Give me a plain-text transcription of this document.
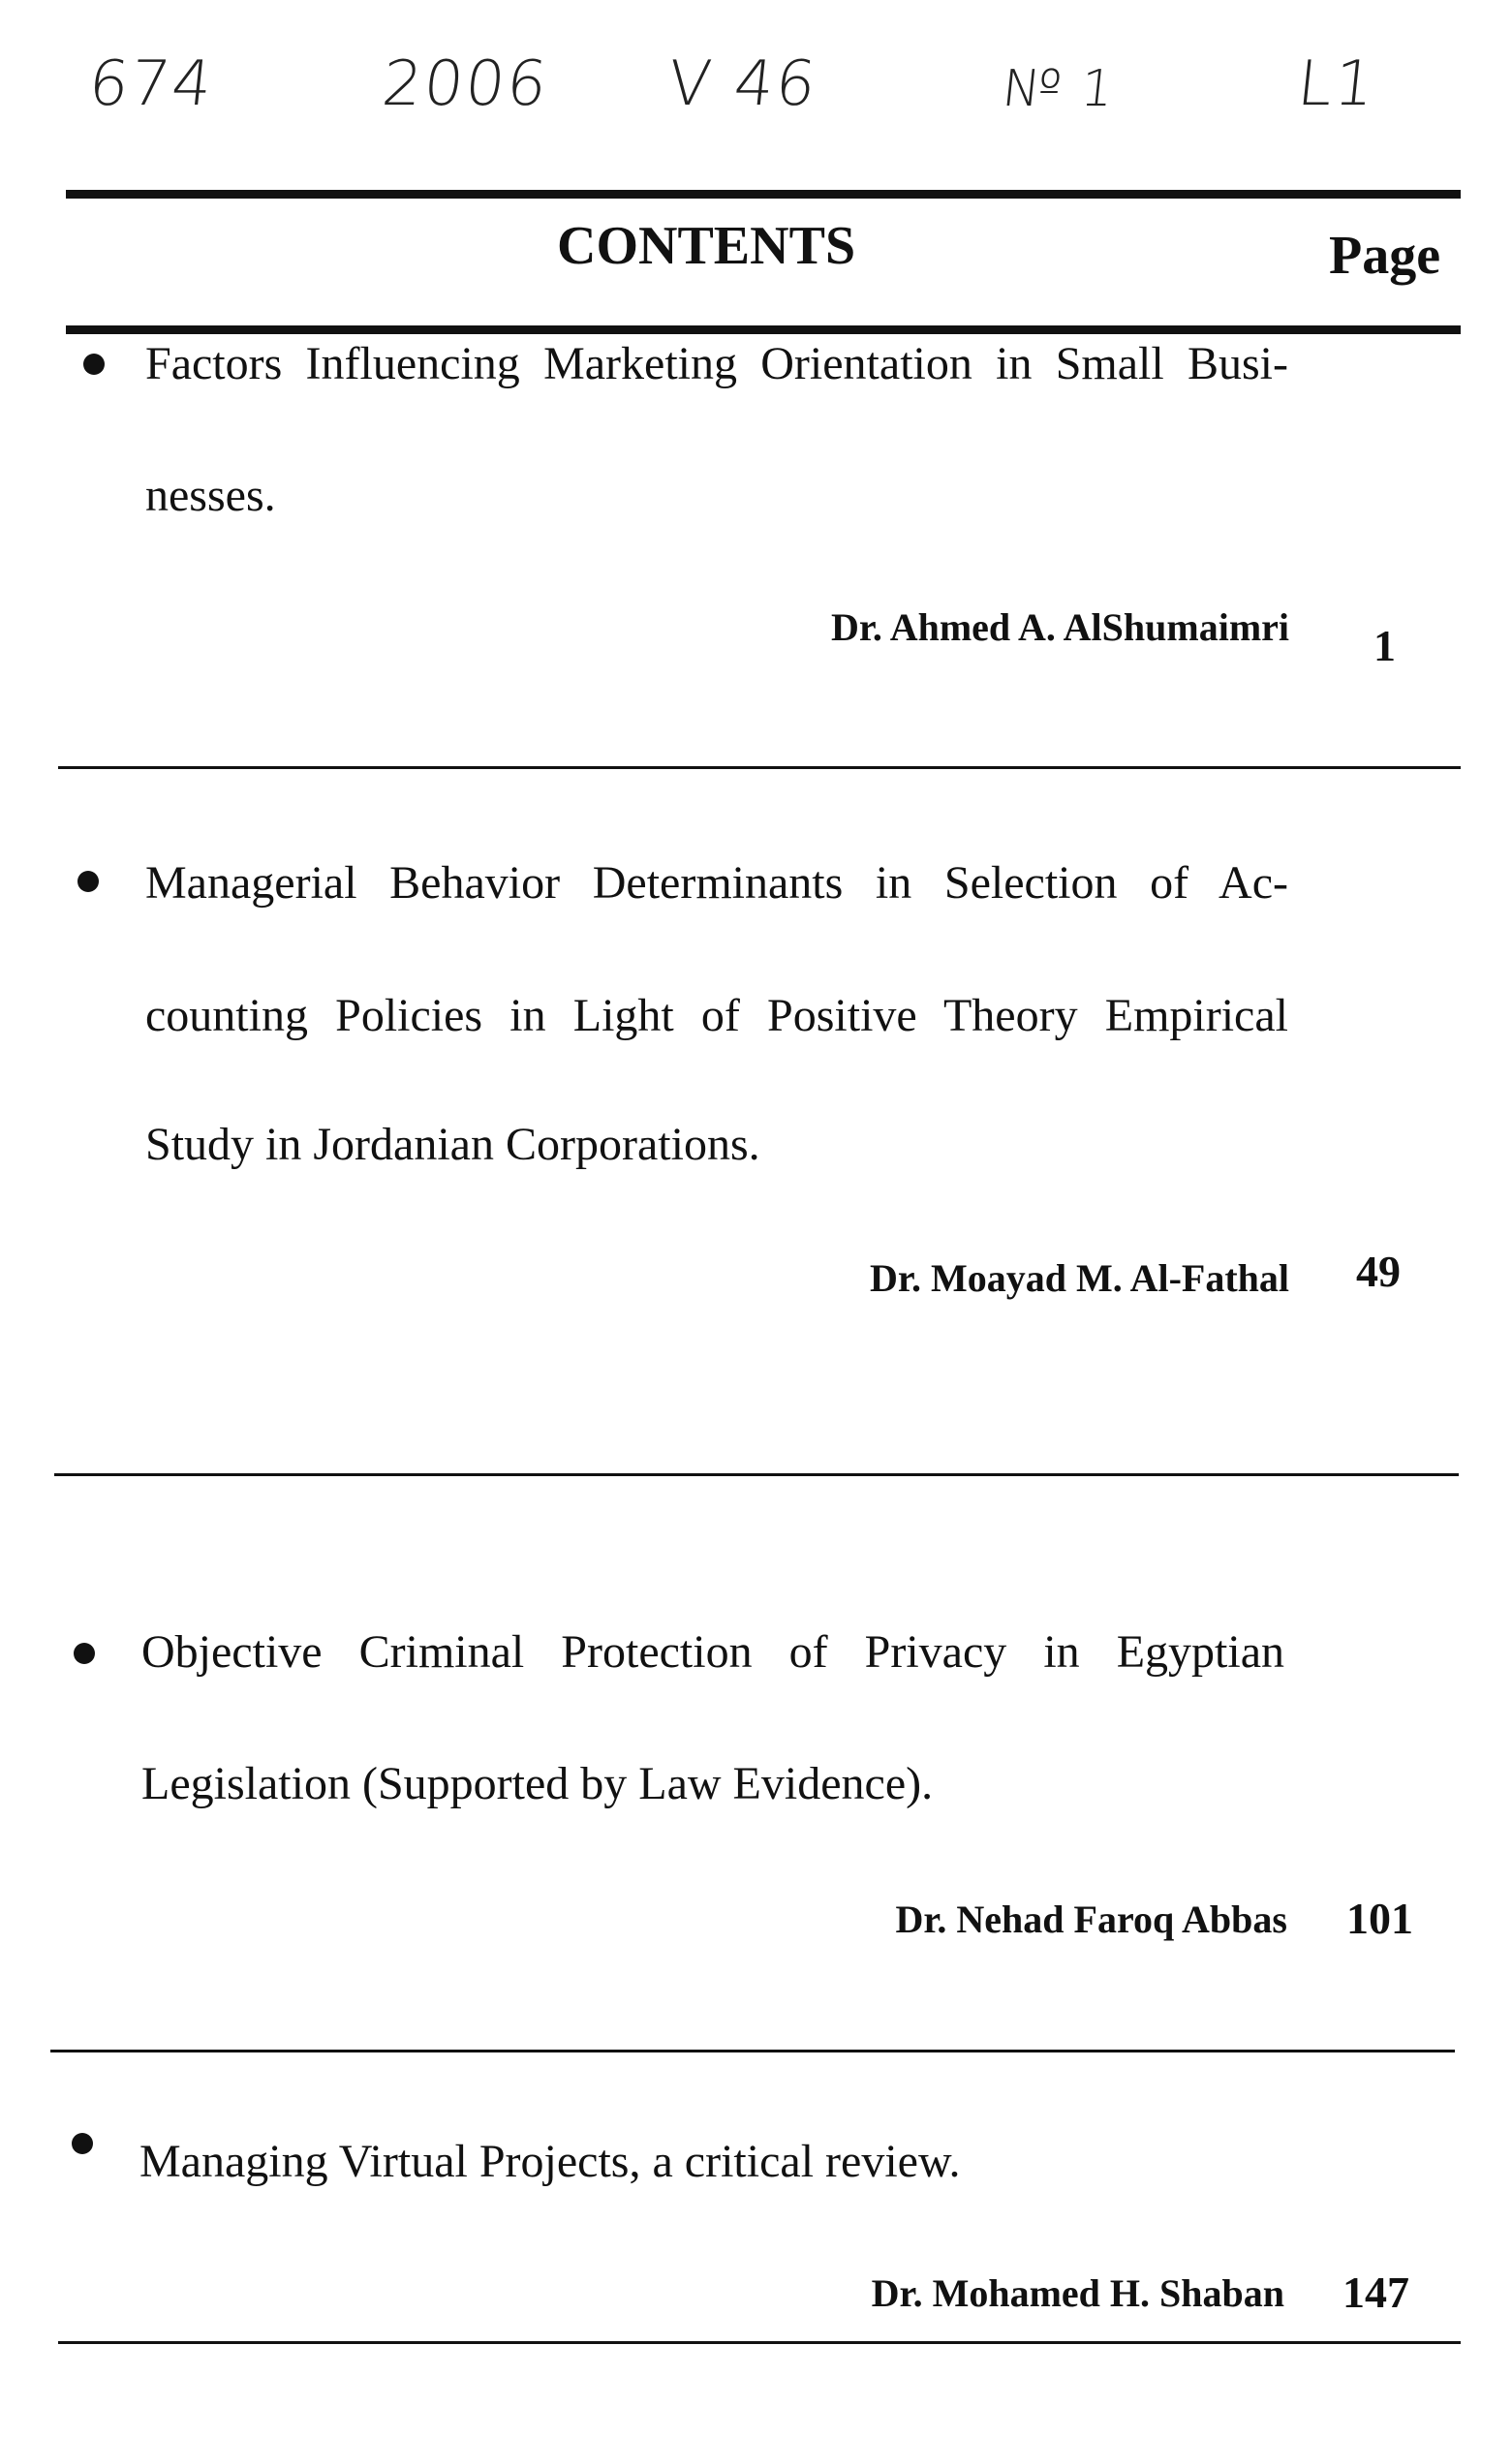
674	2006 V 46	№ 1	L1
CONTENTS	Page
Factors Influencing Marketing Orientation in Small Busi-
nesses.
Dr. Ahmed A. AlShumaimri 1
Managerial Behavior Determinants in Selection of Ac-
counting Policies in Light of Positive Theory Empirical
Study in Jordanian Corporations.
Dr. Moayad M. Al-Fathal 49
Objective Criminal Protection of Privacy in Egyptian
Legislation (Supported by Law Evidence).
Dr. Nehad Faroq Abbas 101
Managing Virtual Projects, a critical review.
Dr. Mohamed H. Shaban 147
